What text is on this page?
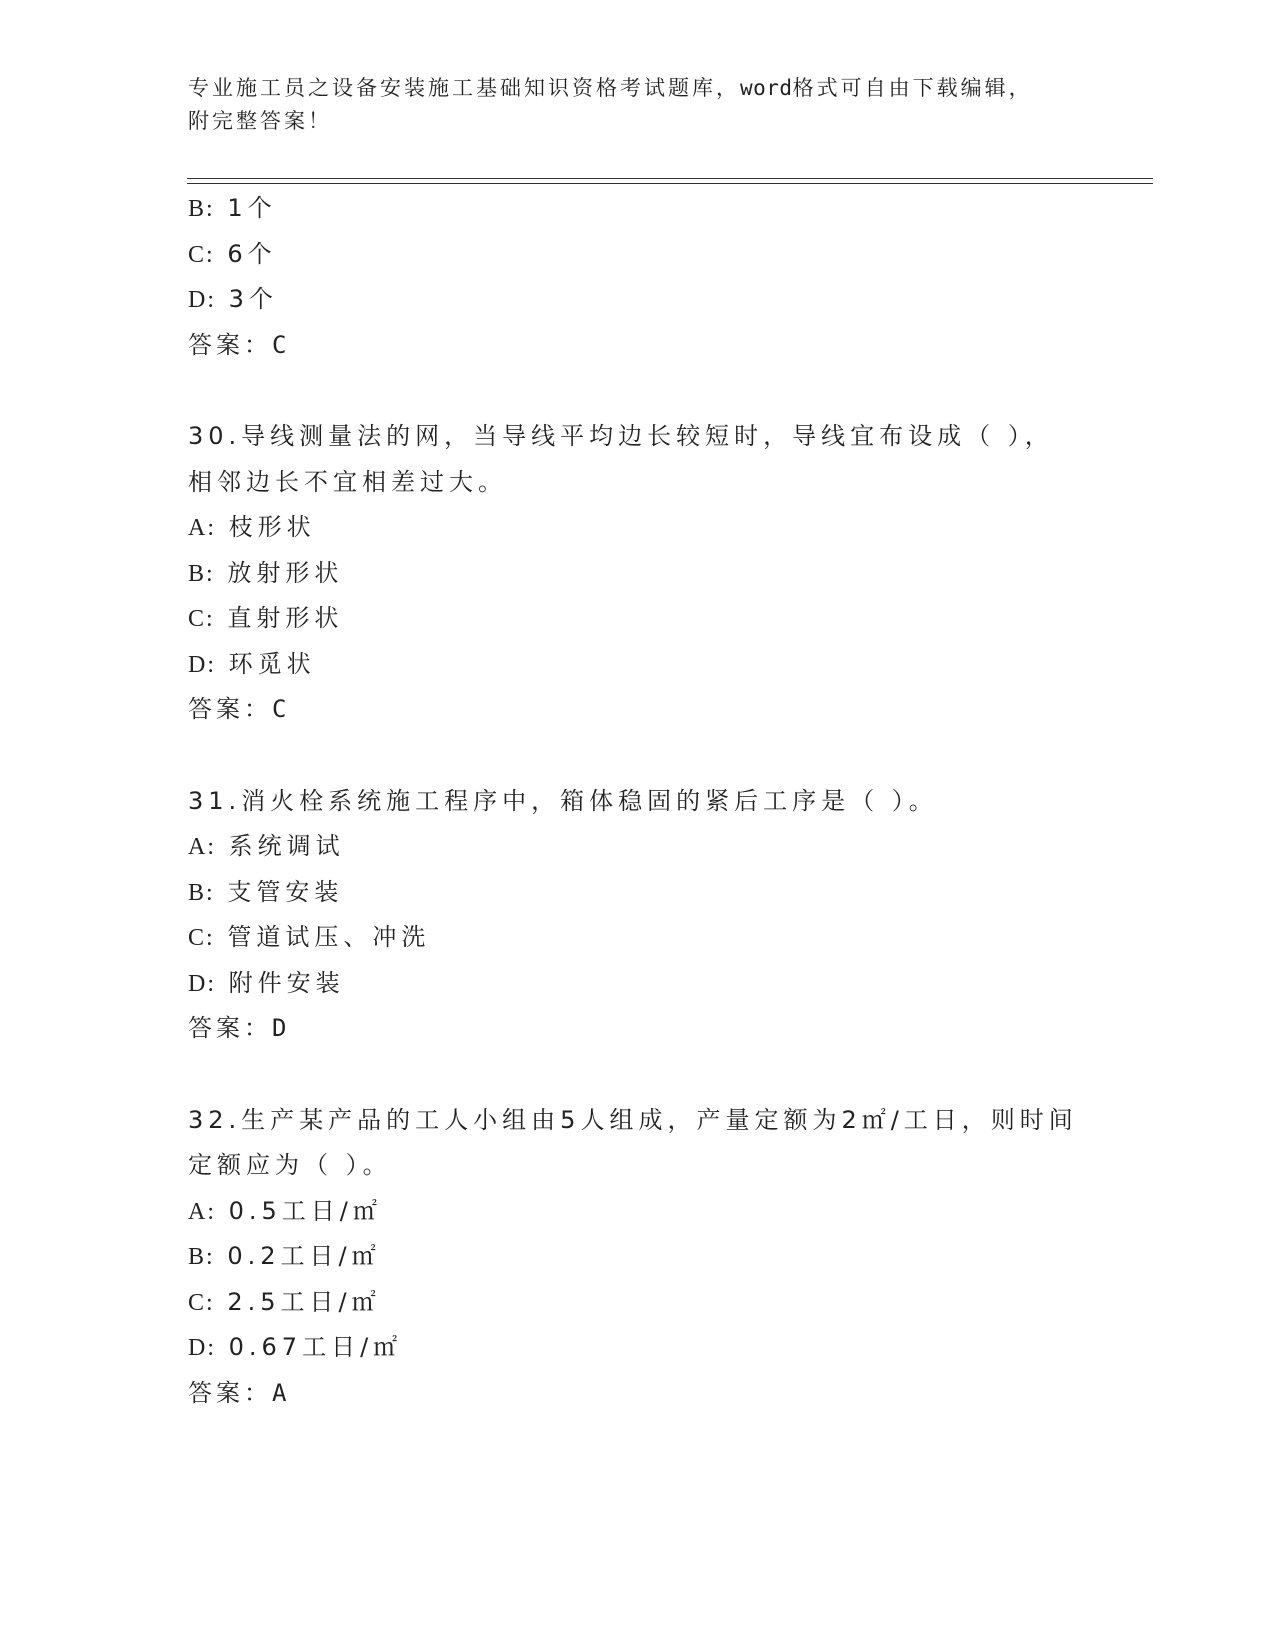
专业施工员之设备安装施工基础知识资格考试题库，word格式可自由下载编辑，
附完整答案！
B: 1个
C: 6个
D: 3个
答案：C
30.导线测量法的网，当导线平均边长较短时，导线宜布设成（ ），
相邻边长不宜相差过大。
A: 枝形状
B: 放射形状
C: 直射形状
D: 环觅状
答案：C
31.消火栓系统施工程序中，箱体稳固的紧后工序是（ ）。
A: 系统调试
B: 支管安装
C: 管道试压、冲洗
D: 附件安装
答案：D
32.生产某产品的工人小组由5人组成，产量定额为2㎡/工日，则时间
定额应为（ ）。
A: 0.5工日/㎡
B: 0.2工日/㎡
C: 2.5工日/㎡
D: 0.67工日/㎡
答案：A
